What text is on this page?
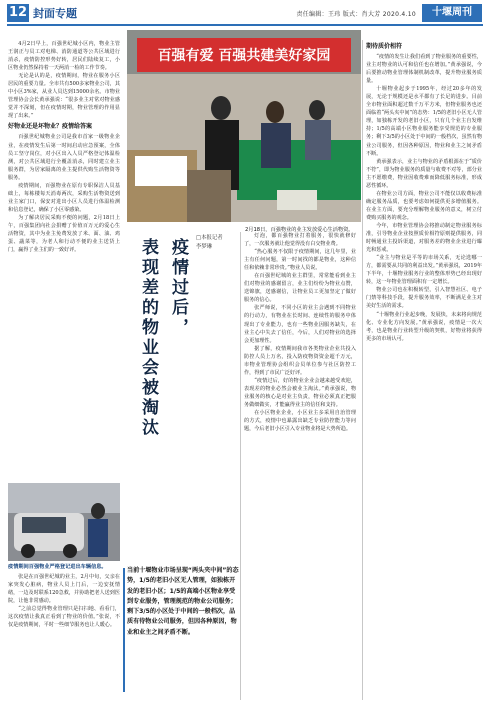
12 封面专题	责任编辑：王玮 版式：肖大芳 2020.4.10	十堰周刊
百强有爱 百强共建美好家园
2月18日，百强物业的业主发放爱心生活物资。

4月2日早上，百强世纪城小区内，物业主管王润正与员工对电梯、消防通道等公共区域进行消杀，疫情防控形势好转，居民们陆续复工，小区物业仍然保持着一天两消一检的工作节奏。

无论是认的是，疫情期间，物业在服务小区居民的重要力量。全市共有500多家物业公司，其中小区3%家，从业人员达到15000余名。市物业管理协会会长黄承强说：“很多业主对常对物业感觉并不深刻，但在疫情时期，物业管理的作用显现了出来。”

好物业还是坏物业？疫情给答案

百强世纪城物业公司是我市首家一级物业企业，在疫情发生后第一时间启动应急预案，全体员工坚守岗位，对小区出入人员严格登记体温检测，对公共区域进行全覆盖消杀，同时建立业主服务群，为居家隔离的业主提供代购生活物资等服务。

疫情期间，百强物业在原有专职保洁人员基础上，每栋楼每天消毒两次，采购生活物资送到业主家门口，保安对进出小区人员进行体温检测和信息登记，确保了小区零感染。

为了解决居民采购不便的问题，2月18日上午，百强集团向社会捐赠了价值百万元的爱心生活物资，其中为业主免费发放了米、面、油、鸡蛋、蔬菜等，为老人和行动不便的业主送货上门，赢得了业主们的一致好评。

疫情期间百强物业严格登记进出车辆信息。

张是在百强世纪城的业主，2月中旬，父亲在家突发心脏病，物业人员上门后，一边安抚情绪，一边及时联系120急救，并协助把老人送到医院，让他非常感动。

“之前总觉得物业管理只是扫扫地、看看门，这次疫情让我真正看到了物业的价值。”张说，不仅是疫情期间，平时一些细节服务也让人暖心。

疫情过后，
表现差的物业会被淘汰	□本报记者
李梦琳
当前十堰物业市场呈现“两头夹中间”的态势，1/5的老旧小区无人管理，如独栋开发的老旧小区；1/5的高端小区物业享受到专业服务，管理规范的物业公司服务；剩下3/5的小区处于中间的一般档次，品质有待物业公司服务，但因各种原因，物业和业主之间矛盾不断。

灯泡，都百强物业打着服务，很快就修好了，一次服务就让他觉得没有白交物业费。

“热心服务不仅限于疫情期间，这几年里，业主有任何问题，第一时间找的都是物业，这种信任和依赖非常珍贵。”物业人员说。

在百强世纪城的业主群里，常常能看到业主们对物业的感谢留言，业主们纷纷为物业点赞，送锦旗，送感谢信，让物业员工更加坚定了做好服务的信心。

张严师说，不同小区的业主会遇到不同物业的行动力，有物业在长时间、连续性的服务中体现出了专业能力，也有一些物业因服务缺失，在业主心中失去了信任，今后，人们对物业的选择会更加理性。

据了解，疫情期间我市各类物业企业共投入防控人员上万名，投入防疫物资资金超千万元，市物业管理协会组织会员单位参与社区防控工作，得到了市民广泛好评。

“疫情过后，好的物业企业会越来越受欢迎，表现差的物业必然会被业主淘汰。”黄承强说，物业服务的核心是对业主负责，物业必须真正把服务做细做实，才能赢得业主的信任和支持。

在小区物业企业，小区业主多采用自治管理的方式，疫情中也暴露出缺乏专业防控能力等问题，今后老旧小区引入专业物业将是大势所趋。

期待质价相符

“疫情的发生让我们看到了物业服务的重要性，业主对物业的认可和信任也在增加。”黄承强说，今后要推动物业管理体制机制改革，提升物业服务质量。

十堰物业起步于1995年，经过20多年的发展，无论于规模还是水平都有了长足的进步。目前全市物业面积超过数千万平方米，但物业服务也还面临着“两头夹中间”的态势：1/5的老旧小区无人管理，如独栋开发的老旧小区，只有几个业主自发维持；1/5的高端小区物业服务能享受规范的专业服务；剩下3/5的小区处于中间的一般档次，虽然有物业公司服务，但因各种原因，物业和业主之间矛盾不断。

黄承强表示，业主与物业的矛盾根源在于“质价不符”，即为物业服务的质量与收费不对等，部分业主不愿缴费，物业因收费难而降低服务标准，形成恶性循环。

在物业公司方面，物业公司不能仅以收费标准确定服务品质，也要考虑如何提供更多增值服务。在业主方面，要充分理解物业服务的意义，树立付费购买服务的观念。

今年，市物业管理协会将推动制定物业服务标准，引导物业企业按照质价相符原则提供服务，同时畅通业主投诉渠道，对服务差的物业企业进行曝光和惩戒。

“业主与物业是平等的市场关系，无论选哪一方，都需要从共同的利益出发。”黄承强说，2019年下半年，十堰物业服务行业的整体形势已经出现好转，这一年物业管理面积有一定增长。

物业公司也在积极转型，引入智慧社区、电子门禁等科技手段，提升服务效率，不断满足业主对美好生活的需求。

“十堰物业行业起步晚，发展快，未来将向规范化、专业化方向发展。”黄承强说，疫情是一次大考，也是物业行业转型升级的契机，好物业将获得更多的市场认可。
